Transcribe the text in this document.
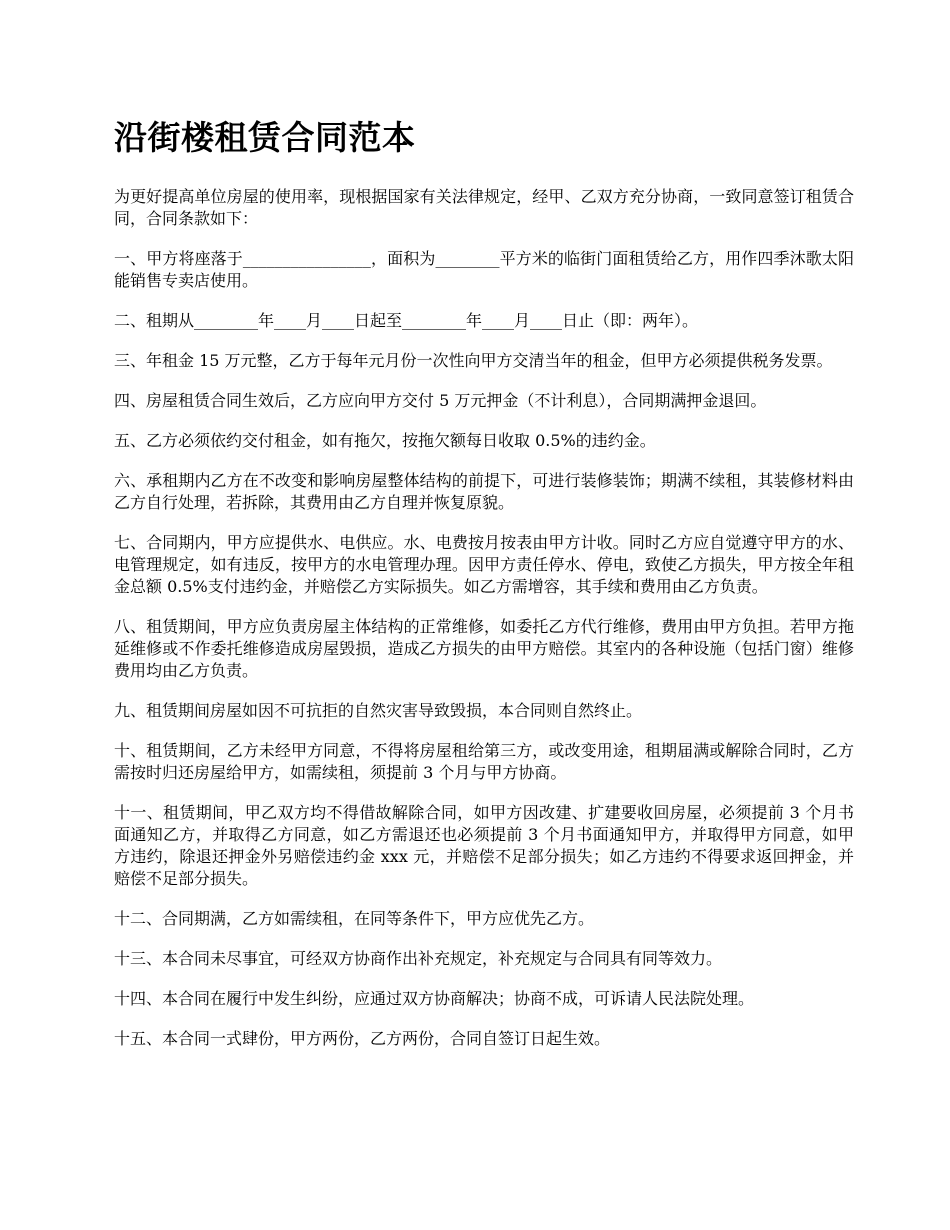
沿街楼租赁合同范本

为更好提高单位房屋的使用率，现根据国家有关法律规定，经甲、乙双方充分协商，一致同意签订租赁合同，合同条款如下：

一、甲方将座落于________________，面积为________平方米的临街门面租赁给乙方，用作四季沐歌太阳能销售专卖店使用。

二、租期从________年____月____日起至________年____月____日止（即：两年）。

三、年租金 15 万元整，乙方于每年元月份一次性向甲方交清当年的租金，但甲方必须提供税务发票。

四、房屋租赁合同生效后，乙方应向甲方交付 5 万元押金（不计利息），合同期满押金退回。

五、乙方必须依约交付租金，如有拖欠，按拖欠额每日收取 0.5%的违约金。

六、承租期内乙方在不改变和影响房屋整体结构的前提下，可进行装修装饰；期满不续租，其装修材料由乙方自行处理，若拆除，其费用由乙方自理并恢复原貌。

七、合同期内，甲方应提供水、电供应。水、电费按月按表由甲方计收。同时乙方应自觉遵守甲方的水、电管理规定，如有违反，按甲方的水电管理办理。因甲方责任停水、停电，致使乙方损失，甲方按全年租金总额 0.5%支付违约金，并赔偿乙方实际损失。如乙方需增容，其手续和费用由乙方负责。

八、租赁期间，甲方应负责房屋主体结构的正常维修，如委托乙方代行维修，费用由甲方负担。若甲方拖延维修或不作委托维修造成房屋毁损，造成乙方损失的由甲方赔偿。其室内的各种设施（包括门窗）维修费用均由乙方负责。

九、租赁期间房屋如因不可抗拒的自然灾害导致毁损，本合同则自然终止。

十、租赁期间，乙方未经甲方同意，不得将房屋租给第三方，或改变用途，租期届满或解除合同时，乙方需按时归还房屋给甲方，如需续租，须提前 3 个月与甲方协商。

十一、租赁期间，甲乙双方均不得借故解除合同，如甲方因改建、扩建要收回房屋，必须提前 3 个月书面通知乙方，并取得乙方同意，如乙方需退还也必须提前 3 个月书面通知甲方，并取得甲方同意，如甲方违约，除退还押金外另赔偿违约金 xxx 元，并赔偿不足部分损失；如乙方违约不得要求返回押金，并赔偿不足部分损失。

十二、合同期满，乙方如需续租，在同等条件下，甲方应优先乙方。

十三、本合同未尽事宜，可经双方协商作出补充规定，补充规定与合同具有同等效力。

十四、本合同在履行中发生纠纷，应通过双方协商解决；协商不成，可诉请人民法院处理。

十五、本合同一式肆份，甲方两份，乙方两份，合同自签订日起生效。
